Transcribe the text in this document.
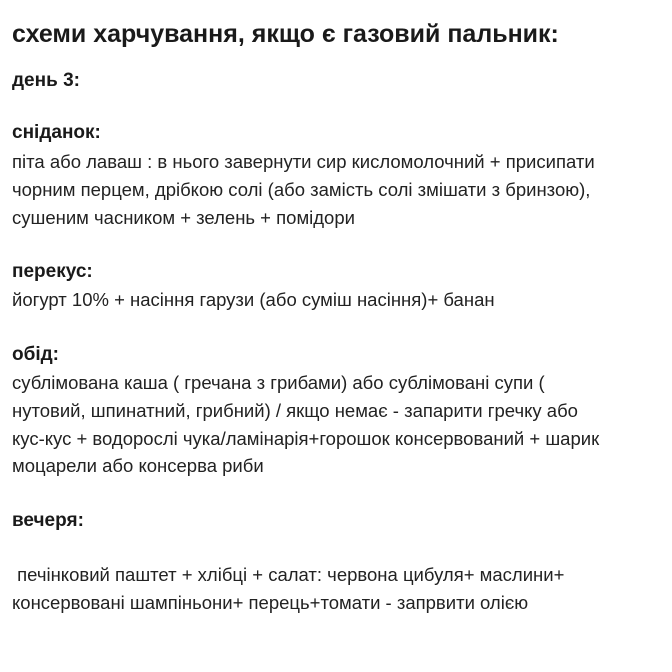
схеми харчування, якщо є газовий пальник:
день 3:
сніданок:
піта або лаваш : в нього завернути сир кисломолочний + присипати
чорним перцем, дрібкою солі (або замість солі змішати з бринзою),
сушеним часником + зелень + помідори
перекус:
йогурт 10% + насіння гарузи (або суміш насіння)+ банан
обід:
сублімована каша ( гречана з грибами) або сублімовані супи (
нутовий, шпинатний, грибний) / якщо немає - запарити гречку або
кус-кус + водорослі чука/ламінарія+горошок консервований + шарик
моцарели або консерва риби
вечеря:
печінковий паштет + хлібці + салат: червона цибуля+ маслини+
консервовані шампіньони+ перець+томати - запрвити олією
